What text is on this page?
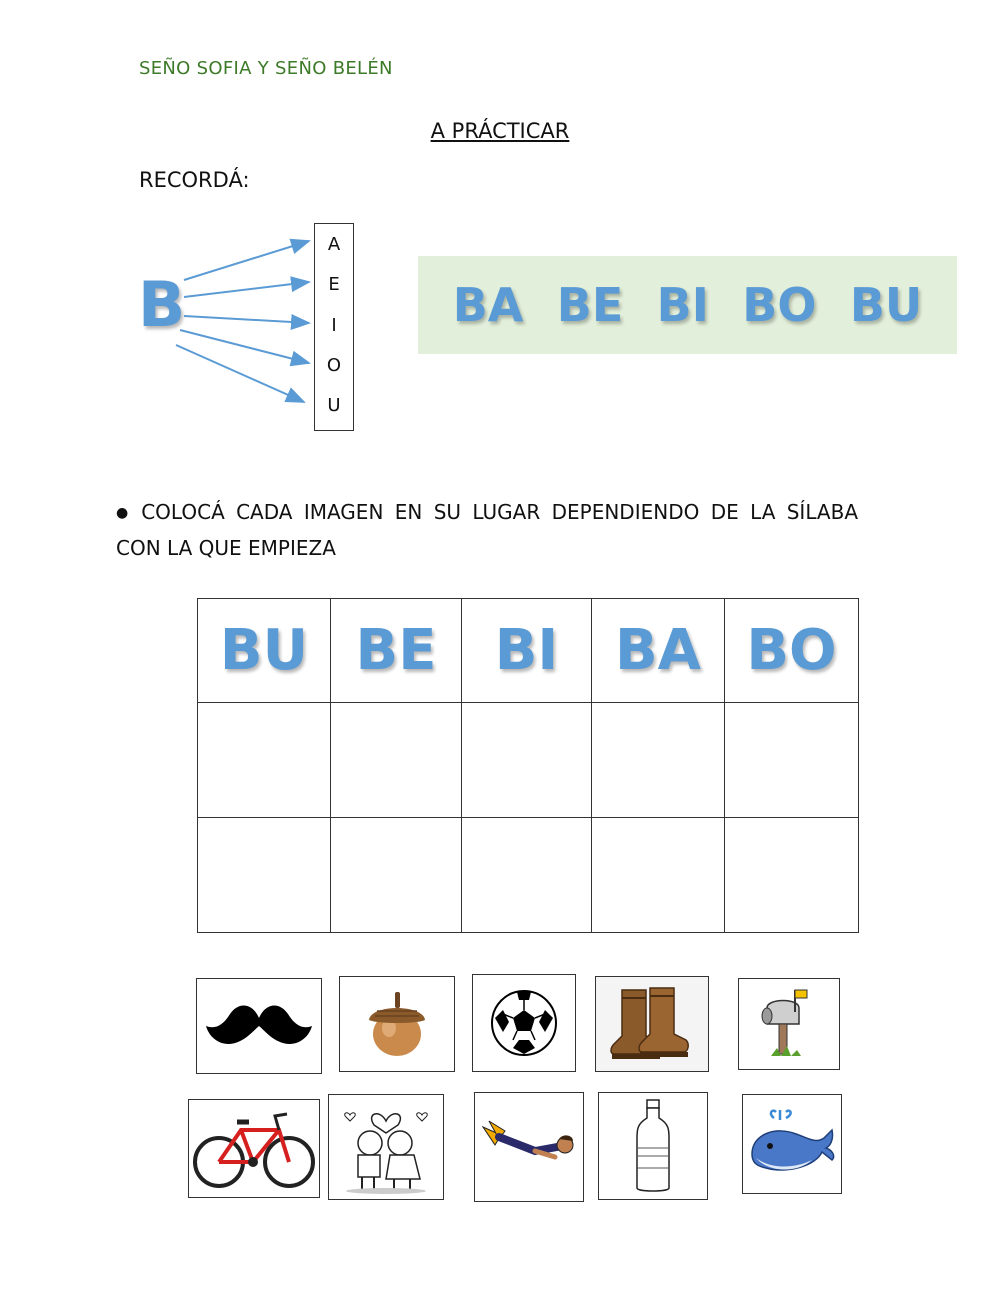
SEÑO SOFIA Y SEÑO BELÉN
A PRÁCTICAR
RECORDÁ:
B
A
E
I
O
U
BA BE BI BO BU
● COLOCÁ CADA IMAGEN EN SU LUGAR DEPENDIENDO DE LA SÍLABA CON LA QUE EMPIEZA
BU	BE	BI	BA	BO
